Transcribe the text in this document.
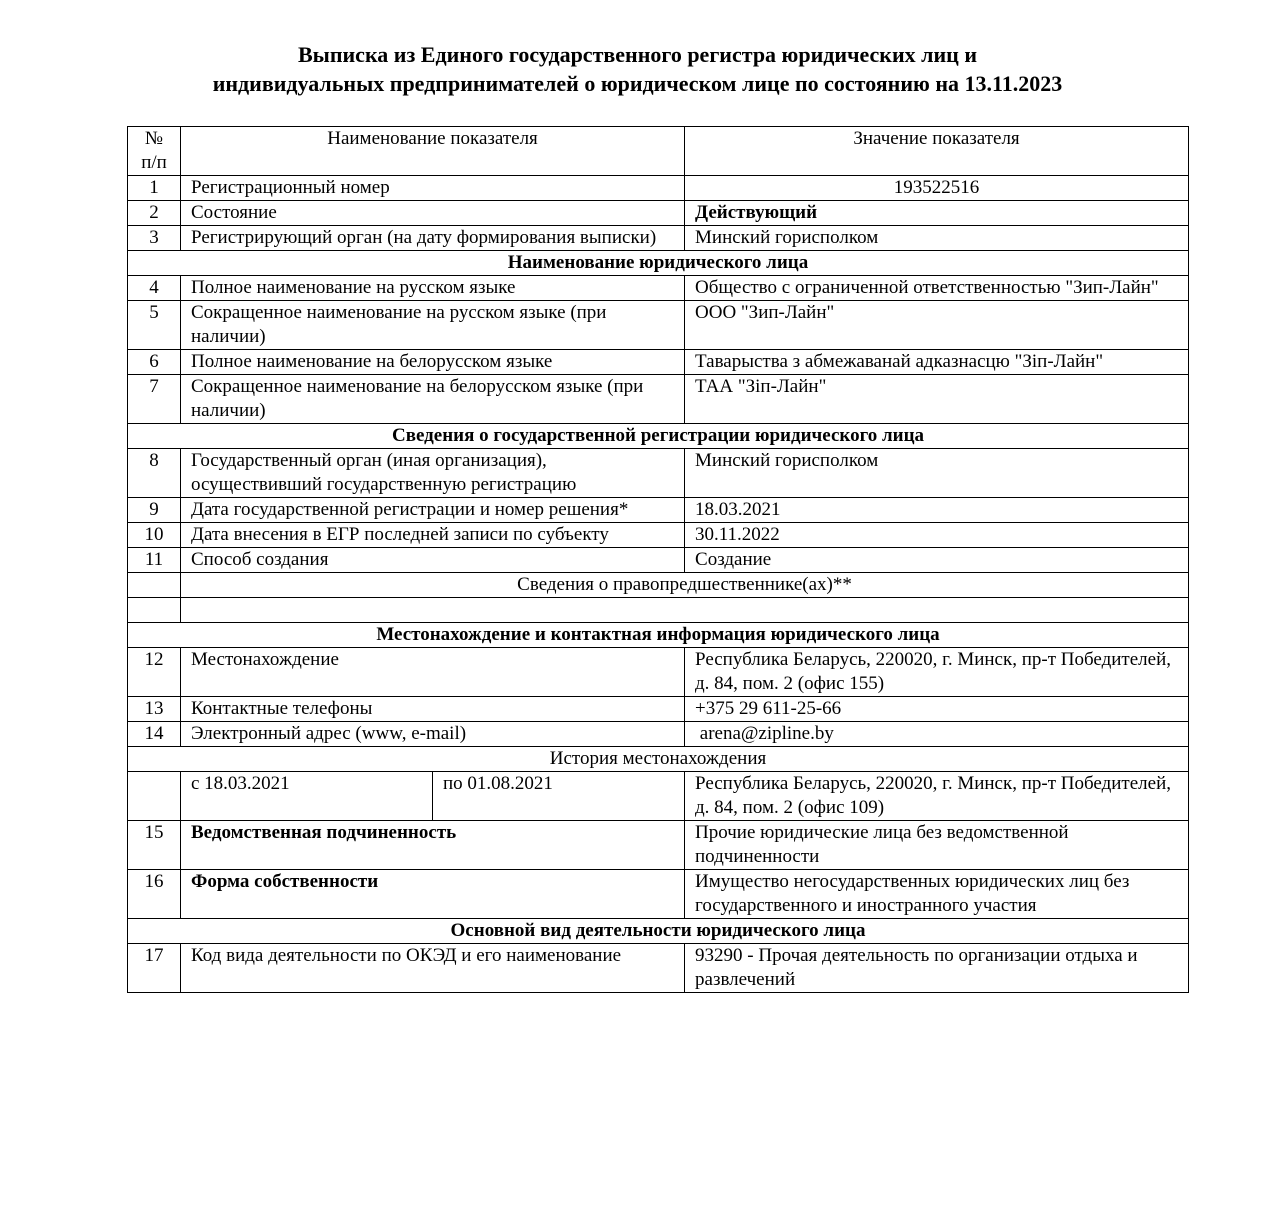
Выписка из Единого государственного регистра юридических лиц и
индивидуальных предпринимателей о юридическом лице по состоянию на 13.11.2023
№
п/п	Наименование показателя		Значение показателя
1	Регистрационный номер		193522516
2	Состояние		Действующий
3	Регистрирующий орган (на дату формирования выписки)		Минский горисполком
Наименование юридического лица			
4	Полное наименование на русском языке		Общество с ограниченной ответственностью "Зип-Лайн"
5	Сокращенное наименование на русском языке (при наличии)		ООО "Зип-Лайн"
6	Полное наименование на белорусском языке		Таварыства з абмежаванай адказнасцю "Зіп-Лайн"
7	Сокращенное наименование на белорусском языке (при наличии)		ТАА "Зіп-Лайн"
Сведения о государственной регистрации юридического лица			
8	Государственный орган (иная организация), осуществивший государственную регистрацию		Минский горисполком
9	Дата государственной регистрации и номер решения*		18.03.2021
10	Дата внесения в ЕГР последней записи по субъекту		30.11.2022
11	Способ создания		Создание
	Сведения о правопредшественнике(ах)**		

Местонахождение и контактная информация юридического лица			
12	Местонахождение		Республика Беларусь, 220020, г. Минск, пр-т Победителей, д. 84, пом. 2 (офис 155)
13	Контактные телефоны		+375 29 611-25-66
14	Электронный адрес (www, e-mail)		arena@zipline.by
История местонахождения			
	с 18.03.2021	по 01.08.2021	Республика Беларусь, 220020, г. Минск, пр-т Победителей, д. 84, пом. 2 (офис 109)
15	Ведомственная подчиненность		Прочие юридические лица без ведомственной подчиненности
16	Форма собственности		Имущество негосударственных юридических лиц без государственного и иностранного участия
Основной вид деятельности юридического лица			
17	Код вида деятельности по ОКЭД и его наименование		93290 - Прочая деятельность по организации отдыха и развлечений
